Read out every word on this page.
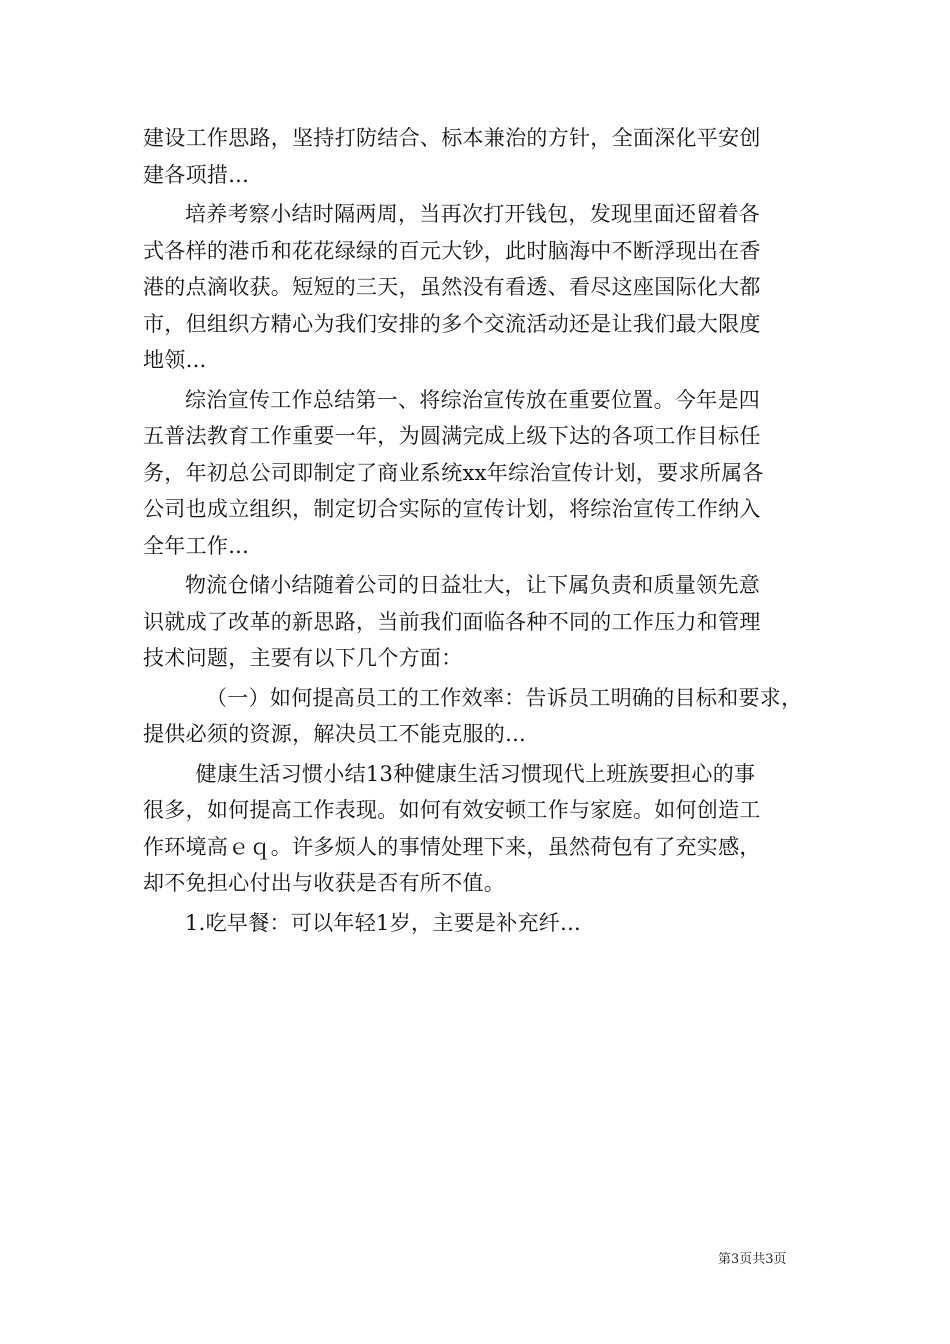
建设工作思路，坚持打防结合、标本兼治的方针，全面深化平安创
建各项措...

培养考察小结时隔两周，当再次打开钱包，发现里面还留着各
式各样的港币和花花绿绿的百元大钞，此时脑海中不断浮现出在香
港的点滴收获。短短的三天，虽然没有看透、看尽这座国际化大都
市，但组织方精心为我们安排的多个交流活动还是让我们最大限度
地领...

综治宣传工作总结第一、将综治宣传放在重要位置。今年是四
五普法教育工作重要一年，为圆满完成上级下达的各项工作目标任
务，年初总公司即制定了商业系统xx年综治宣传计划，要求所属各
公司也成立组织，制定切合实际的宣传计划，将综治宣传工作纳入
全年工作...

物流仓储小结随着公司的日益壮大，让下属负责和质量领先意
识就成了改革的新思路，当前我们面临各种不同的工作压力和管理
技术问题，主要有以下几个方面：

（一）如何提高员工的工作效率：告诉员工明确的目标和要求，
提供必须的资源，解决员工不能克服的...

健康生活习惯小结13种健康生活习惯现代上班族要担心的事
很多，如何提高工作表现。如何有效安顿工作与家庭。如何创造工
作环境高ｅｑ。许多烦人的事情处理下来，虽然荷包有了充实感，
却不免担心付出与收获是否有所不值。

1.吃早餐：可以年轻1岁，主要是补充纤...

第3页共3页
